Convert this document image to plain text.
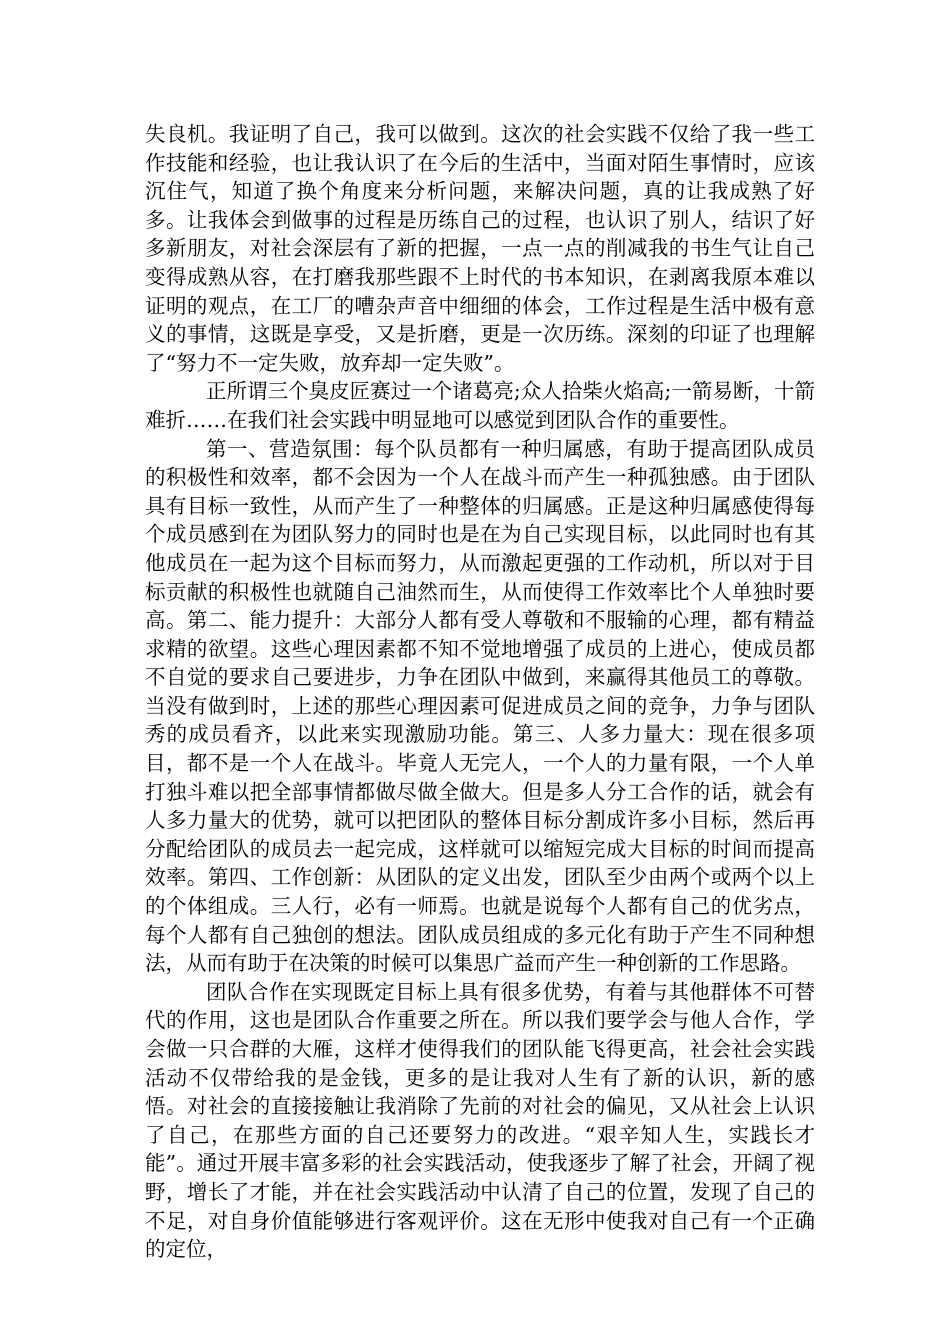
失良机。我证明了自己，我可以做到。这次的社会实践不仅给了我一些工作技能和经验，也让我认识了在今后的生活中，当面对陌生事情时，应该沉住气，知道了换个角度来分析问题，来解决问题，真的让我成熟了好多。让我体会到做事的过程是历练自己的过程，也认识了别人，结识了好多新朋友，对社会深层有了新的把握，一点一点的削减我的书生气让自己变得成熟从容，在打磨我那些跟不上时代的书本知识，在剥离我原本难以证明的观点，在工厂的嘈杂声音中细细的体会，工作过程是生活中极有意义的事情，这既是享受，又是折磨，更是一次历练。深刻的印证了也理解了“努力不一定失败，放弃却一定失败”。

正所谓三个臭皮匠赛过一个诸葛亮;众人拾柴火焰高;一箭易断，十箭难折……在我们社会实践中明显地可以感觉到团队合作的重要性。

第一、营造氛围：每个队员都有一种归属感，有助于提高团队成员的积极性和效率，都不会因为一个人在战斗而产生一种孤独感。由于团队具有目标一致性，从而产生了一种整体的归属感。正是这种归属感使得每个成员感到在为团队努力的同时也是在为自己实现目标，以此同时也有其他成员在一起为这个目标而努力，从而激起更强的工作动机，所以对于目标贡献的积极性也就随自己油然而生，从而使得工作效率比个人单独时要高。第二、能力提升：大部分人都有受人尊敬和不服输的心理，都有精益求精的欲望。这些心理因素都不知不觉地增强了成员的上进心，使成员都不自觉的要求自己要进步，力争在团队中做到，来赢得其他员工的尊敬。当没有做到时，上述的那些心理因素可促进成员之间的竞争，力争与团队秀的成员看齐，以此来实现激励功能。第三、人多力量大：现在很多项目，都不是一个人在战斗。毕竟人无完人，一个人的力量有限，一个人单打独斗难以把全部事情都做尽做全做大。但是多人分工合作的话，就会有人多力量大的优势，就可以把团队的整体目标分割成许多小目标，然后再分配给团队的成员去一起完成，这样就可以缩短完成大目标的时间而提高效率。第四、工作创新：从团队的定义出发，团队至少由两个或两个以上的个体组成。三人行，必有一师焉。也就是说每个人都有自己的优劣点，每个人都有自己独创的想法。团队成员组成的多元化有助于产生不同种想法，从而有助于在决策的时候可以集思广益而产生一种创新的工作思路。

团队合作在实现既定目标上具有很多优势，有着与其他群体不可替代的作用，这也是团队合作重要之所在。所以我们要学会与他人合作，学会做一只合群的大雁，这样才使得我们的团队能飞得更高，社会社会实践活动不仅带给我的是金钱，更多的是让我对人生有了新的认识，新的感悟。对社会的直接接触让我消除了先前的对社会的偏见，又从社会上认识了自己，在那些方面的自己还要努力的改进。“艰辛知人生，实践长才能”。通过开展丰富多彩的社会实践活动，使我逐步了解了社会，开阔了视野，增长了才能，并在社会实践活动中认清了自己的位置，发现了自己的不足，对自身价值能够进行客观评价。这在无形中使我对自己有一个正确的定位，
